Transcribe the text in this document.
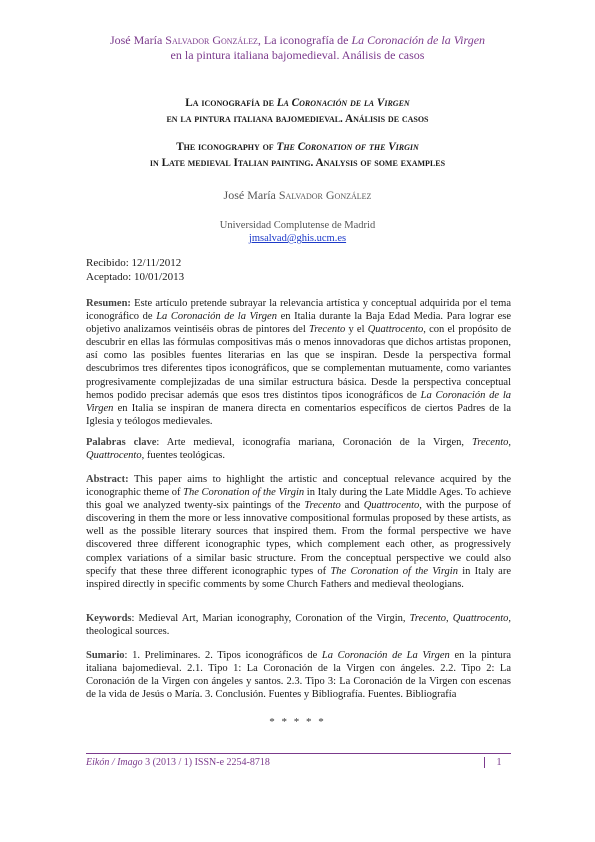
José María Salvador González, La iconografía de La Coronación de la Virgen
en la pintura italiana bajomedieval. Análisis de casos
La iconografía de La Coronación de la Virgen
en la pintura italiana bajomedieval. Análisis de casos
The iconography of The Coronation of the Virgin
in Late medieval Italian painting. Analysis of some examples
José María Salvador González
Universidad Complutense de Madrid
jmsalvad@ghis.ucm.es
Recibido: 12/11/2012
Aceptado: 10/01/2013
Resumen: Este artículo pretende subrayar la relevancia artística y conceptual adquirida por el tema iconográfico de La Coronación de la Virgen en Italia durante la Baja Edad Media. Para lograr ese objetivo analizamos veintiséis obras de pintores del Trecento y el Quattrocento, con el propósito de descubrir en ellas las fórmulas compositivas más o menos innovadoras que dichos artistas proponen, así como las posibles fuentes literarias en las que se inspiran. Desde la perspectiva formal descubrimos tres diferentes tipos iconográficos, que se complementan mutuamente, como variantes progresivamente complejizadas de una similar estructura básica. Desde la perspectiva conceptual hemos podido precisar además que esos tres distintos tipos iconográficos de La Coronación de la Virgen en Italia se inspiran de manera directa en comentarios específicos de ciertos Padres de la Iglesia y teólogos medievales.
Palabras clave: Arte medieval, iconografía mariana, Coronación de la Virgen, Trecento, Quattrocento, fuentes teológicas.
Abstract: This paper aims to highlight the artistic and conceptual relevance acquired by the iconographic theme of The Coronation of the Virgin in Italy during the Late Middle Ages. To achieve this goal we analyzed twenty-six paintings of the Trecento and Quattrocento, with the purpose of discovering in them the more or less innovative compositional formulas proposed by these artists, as well as the possible literary sources that inspired them. From the formal perspective we have discovered three different iconographic types, which complement each other, as progressively complex variations of a similar basic structure. From the conceptual perspective we could also specify that these three different iconographic types of The Coronation of the Virgin in Italy are inspired directly in specific comments by some Church Fathers and medieval theologians.
Keywords: Medieval Art, Marian iconography, Coronation of the Virgin, Trecento, Quattrocento, theological sources.
Sumario: 1. Preliminares. 2. Tipos iconográficos de La Coronación de La Virgen en la pintura italiana bajomedieval. 2.1. Tipo 1: La Coronación de la Virgen con ángeles. 2.2. Tipo 2: La Coronación de la Virgen con ángeles y santos. 2.3. Tipo 3: La Coronación de la Virgen con escenas de la vida de Jesús o María. 3. Conclusión. Fuentes y Bibliografía. Fuentes. Bibliografía
* * * * *
Eikón / Imago 3 (2013 / 1) ISSN-e 2254-8718	1
